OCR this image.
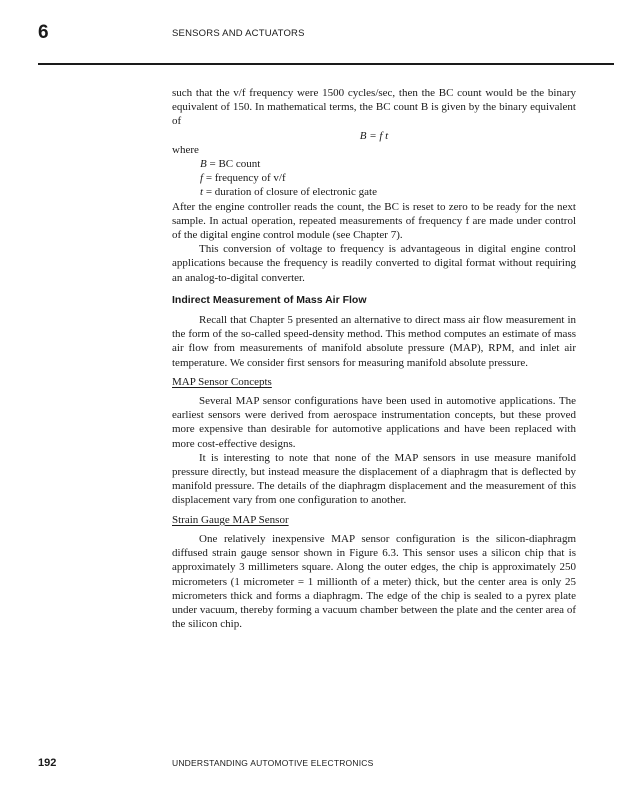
6	SENSORS AND ACTUATORS

such that the v/f frequency were 1500 cycles/sec, then the BC count would be the binary equivalent of 150. In mathematical terms, the BC count B is given by the binary equivalent of

B = f t

where

B = BC count
f = frequency of v/f
t = duration of closure of electronic gate

After the engine controller reads the count, the BC is reset to zero to be ready for the next sample. In actual operation, repeated measurements of frequency f are made under control of the digital engine control module (see Chapter 7).

This conversion of voltage to frequency is advantageous in digital engine control applications because the frequency is readily converted to digital format without requiring an analog-to-digital converter.

Indirect Measurement of Mass Air Flow

Recall that Chapter 5 presented an alternative to direct mass air flow measurement in the form of the so-called speed-density method. This method computes an estimate of mass air flow from measurements of manifold absolute pressure (MAP), RPM, and inlet air temperature. We consider first sensors for measuring manifold absolute pressure.

MAP Sensor Concepts

Several MAP sensor configurations have been used in automotive applications. The earliest sensors were derived from aerospace instrumentation concepts, but these proved more expensive than desirable for automotive applications and have been replaced with more cost-effective designs.

It is interesting to note that none of the MAP sensors in use measure manifold pressure directly, but instead measure the displacement of a diaphragm that is deflected by manifold pressure. The details of the diaphragm displacement and the measurement of this displacement vary from one configuration to another.

Strain Gauge MAP Sensor

One relatively inexpensive MAP sensor configuration is the silicon-diaphragm diffused strain gauge sensor shown in Figure 6.3. This sensor uses a silicon chip that is approximately 3 millimeters square. Along the outer edges, the chip is approximately 250 micrometers (1 micrometer = 1 millionth of a meter) thick, but the center area is only 25 micrometers thick and forms a diaphragm. The edge of the chip is sealed to a pyrex plate under vacuum, thereby forming a vacuum chamber between the plate and the center area of the silicon chip.

192	UNDERSTANDING AUTOMOTIVE ELECTRONICS
